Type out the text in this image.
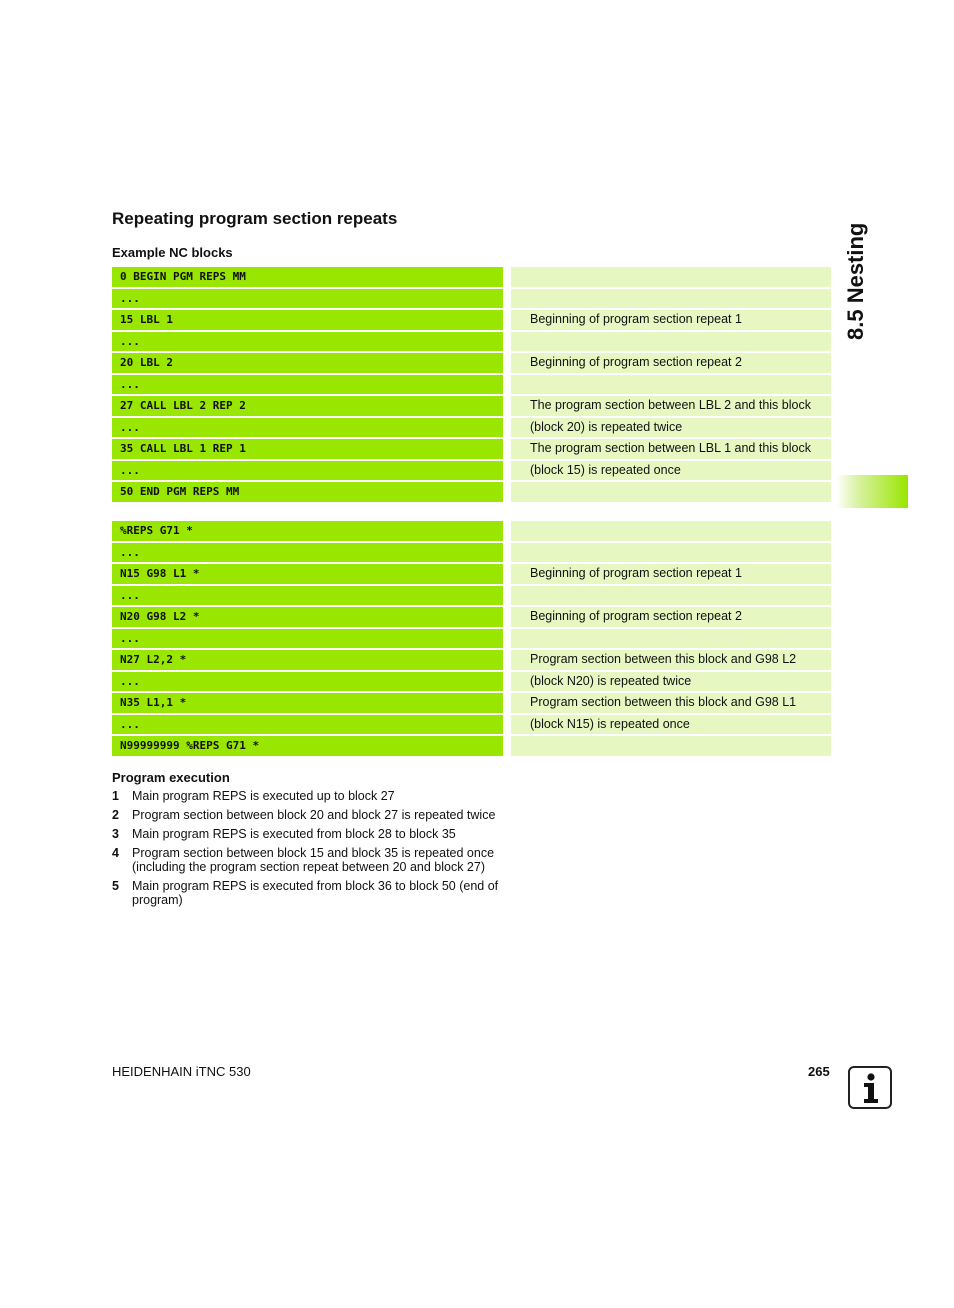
Repeating program section repeats
Example NC blocks
0 BEGIN PGM REPS MM
...
15 LBL 1	Beginning of program section repeat 1
...
20 LBL 2	Beginning of program section repeat 2
...
27 CALL LBL 2 REP 2	The program section between LBL 2 and this block
...	(block 20) is repeated twice
35 CALL LBL 1 REP 1	The program section between LBL 1 and this block
...	(block 15) is repeated once
50 END PGM REPS MM
%REPS G71 *
...
N15 G98 L1 *	Beginning of program section repeat 1
...
N20 G98 L2 *	Beginning of program section repeat 2
...
N27 L2,2 *	Program section between this block and G98 L2
...	(block N20) is repeated twice
N35 L1,1 *	Program section between this block and G98 L1
...	(block N15) is repeated once
N99999999 %REPS G71 *
Program execution
1	Main program REPS is executed up to block 27
2	Program section between block 20 and block 27 is repeated twice
3	Main program REPS is executed from block 28 to block 35
4	Program section between block 15 and block 35 is repeated once (including the program section repeat between 20 and block 27)
5	Main program REPS is executed from block 36 to block 50 (end of program)
HEIDENHAIN iTNC 530	265
8.5 Nesting
